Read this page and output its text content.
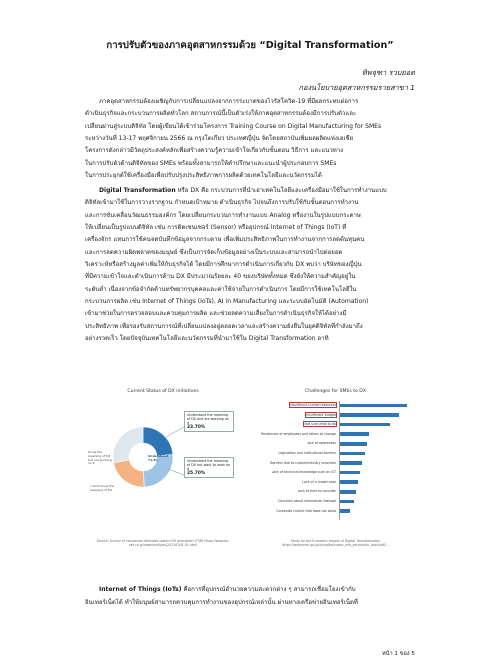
การปรับตัวของภาคอุตสาหกรรมด้วย “Digital Transformation”
ทิพจุฑา รวบยอด
กองนโยบายอุตสาหกรรมรายสาขา 1
ภาคอุตสาหกรรมต้องเผชิญกับการเปลี่ยนแปลงจากการระบาดของไวรัสโควิด-19 ที่มีผลกระทบต่อการ
ดำเนินธุรกิจและกระบวนการผลิตทั่วโลก สถานการณ์นี้เป็นตัวเร่งให้ภาคอุตสาหกรรมต้องมีการปรับตัวและ
เปลี่ยนผ่านสู่ระบบดิจิทัล โดยผู้เขียนได้เข้าร่วมโครงการ Training Course on Digital Manufacturing for SMEs
ระหว่างวันที่ 13-17 พฤศจิกายน 2566 ณ กรุงโตเกียว ประเทศญี่ปุ่น จัดโดยสถาบันเพิ่มผลผลิตแห่งเอเชีย
โครงการดังกล่าวมีวัตถุประสงค์หลักเพื่อสร้างความรู้ความเข้าใจเกี่ยวกับขั้นตอน วิธีการ และแนวทาง
ในการปรับตัวด้านดิจิทัลของ SMEs พร้อมทั้งสามารถให้คำปรึกษาและแนะนำผู้ประกอบการ SMEs
ในการประยุกต์ใช้เครื่องมือเพื่อปรับปรุงประสิทธิภาพการผลิตด้วยเทคโนโลยีและนวัตกรรมได้
Digital Transformation หรือ DX คือ กระบวนการที่นำเอาเทคโนโลยีและเครื่องมือมาใช้ในการทำงานแบบ
ดิจิทัลเข้ามาใช้ในการวางรากฐาน กำหนดเป้าหมาย ดำเนินธุรกิจ ไปจนถึงการปรับใช้กับขั้นตอนการทำงาน
และการขับเคลื่อนวัฒนธรรมองค์กร โดยเปลี่ยนกระบวนการทำงานแบบ Analog หรืองานในรูปแบบกระดาษ
ให้เปลี่ยนเป็นรูปแบบดิจิทัล เช่น การติดเซนเซอร์ (Sensor) หรืออุปกรณ์ Internet of Things (IoT) ที่
เครื่องจักร แทนการใช้คนจดบันทึกข้อมูลจากกระดาษ เพื่อเพิ่มประสิทธิภาพในการทำงานจากการลดต้นทุนคน
และการลดความผิดพลาดของมนุษย์ ซึ่งเป็นการจัดเก็บข้อมูลอย่างเป็นระบบและสามารถนำไปต่อยอด
วิเคราะห์หรือสร้างมูลค่าเพิ่มให้กับธุรกิจได้ โดยมีการศึกษาการดำเนินการเกี่ยวกับ DX พบว่า บริษัทของญี่ปุ่น
ที่มีความเข้าใจและดำเนินการด้าน DX มีประมาณร้อยละ 40 ของบริษัททั้งหมด ซึ่งยังให้ความสำคัญอยู่ใน
ระดับต่ำ เนื่องจากข้อจำกัดด้านทรัพยากรบุคคลและค่าใช้จ่ายในการดำเนินการ โดยมีการใช้เทคโนโลยีใน
กระบวนการผลิต เช่น Internet of Things (IoTs), AI in Manufacturing และระบบอัตโนมัติ (Automation)
เข้ามาช่วยในการตรวจสอบและควบคุมการผลิต และช่วยลดความเสี่ยงในการดำเนินธุรกิจให้ได้อย่างมี
ประสิทธิภาพ เพื่อรองรับสถานการณ์ที่เปลี่ยนแปลงอยู่ตลอดเวลาและสร้างความยั่งยืนในยุคดิจิทัลที่กำลังมาถึง
อย่างรวดเร็ว โดยปัจจุบันเทคโนโลยีและนวัตกรรมที่นำมาใช้ใน Digital Transformation อาทิ
Current Status of DX initiatives
Understand the meaning of DX and are working on it
23.70%
Understand the meaning of DX but want to work on it
25.70%
Know the meaning of DX but not working on it
I don't know the meaning of DX
Understood 71.8%
Source: Survey of companies attitudes toward DX promotion (TSR) https://www.tsr-net.co.jp/news/analysis/20210208_01.html
Challenges for SMEs to DX
Insufficient human resources
Insufficient budget
Not sure what to do
Resistance of employees and others to change
Lack of awareness
Legislation and institutional barriers
Barriers due to culture/industry practices
Lack of technical knowledge such as ICT
Lack of a model case
Lack of time to consider
Concerns about information leakage
Corporate culture that does not allow
Study on the Economic Impact of Digital Transformation https://www.meti.go.jp/shingikai/mono_info_service/dx_toshi/pdf/...
Internet of Things (IoTs) คือการที่อุปกรณ์อำนวยความสะดวกต่าง ๆ สามารถเชื่อมโยงเข้ากับ
อินเทอร์เน็ตได้ ทำให้มนุษย์สามารถควบคุมการทำงานของอุปกรณ์เหล่านั้น ผ่านทางเครือข่ายอินเทอร์เน็ตที่
หน้า 1 ของ 5
